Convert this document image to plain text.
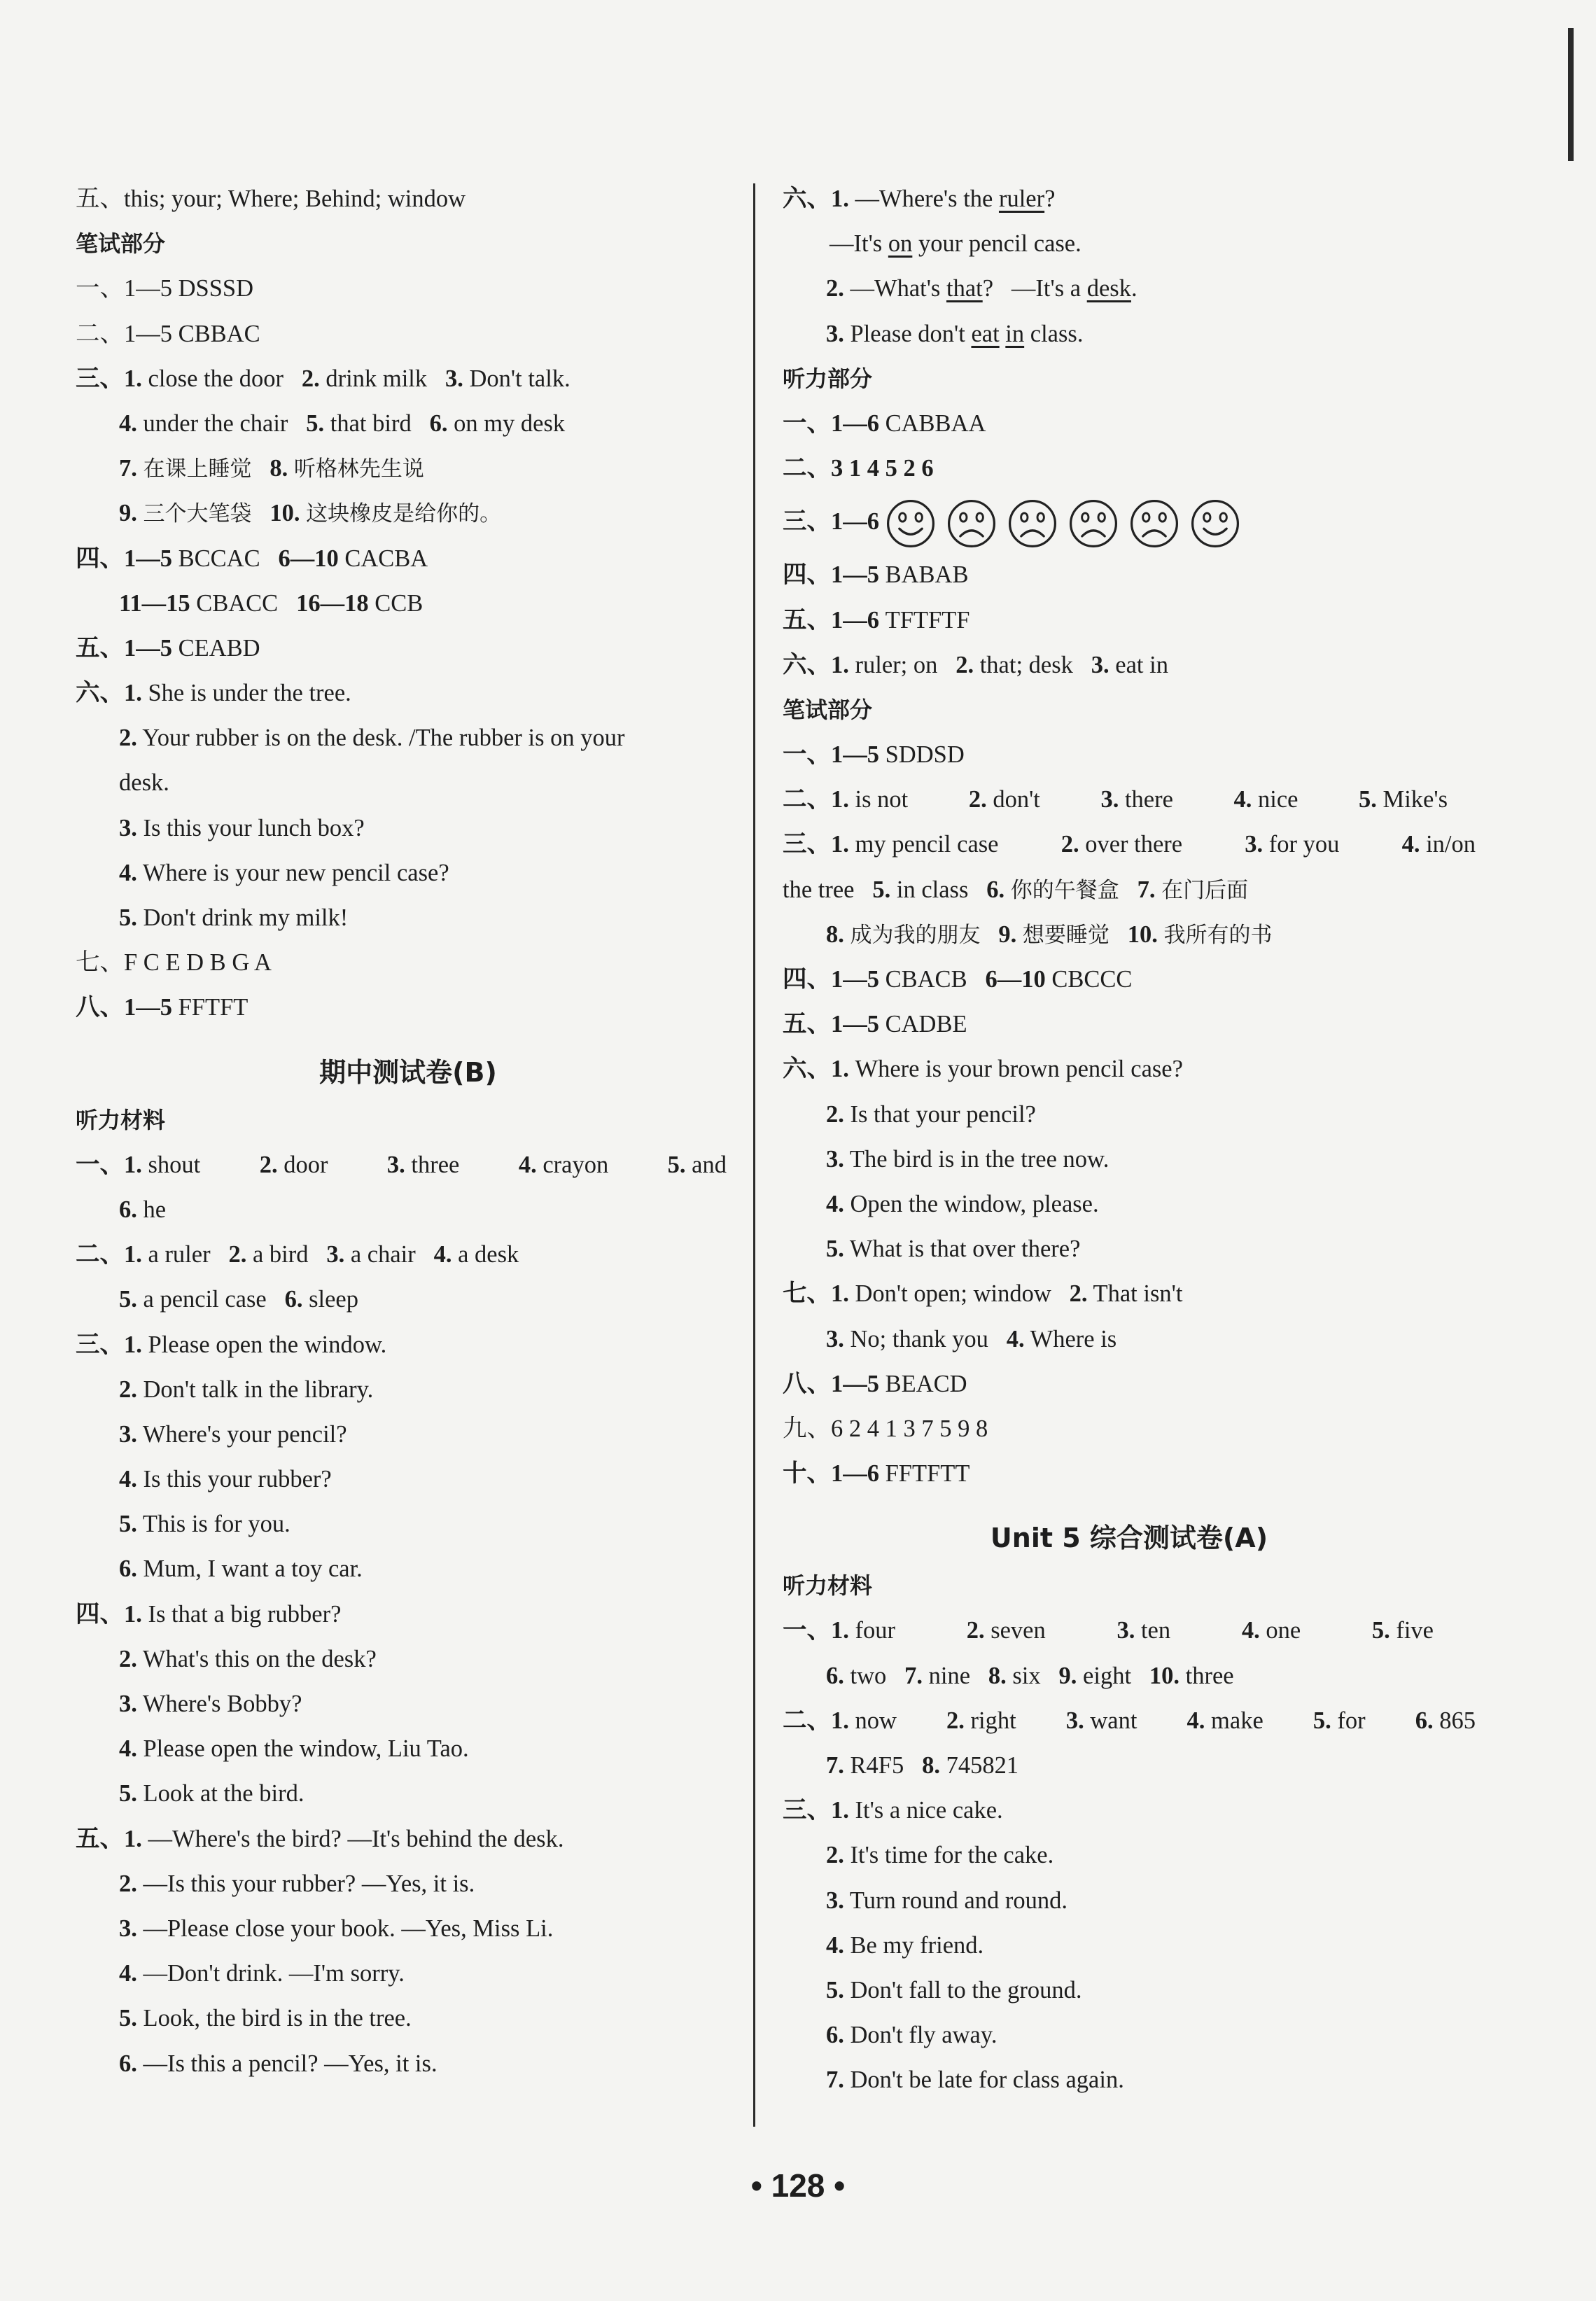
五、this; your; Where; Behind; window
笔试部分
一、1—5 DSSSD
二、1—5 CBBAC
三、1. close the door 2. drink milk 3. Don't talk.
4. under the chair 5. that bird 6. on my desk
7. 在课上睡觉 8. 听格林先生说
9. 三个大笔袋 10. 这块橡皮是给你的。
四、1—5 BCCAC 6—10 CACBA
11—15 CBACC 16—18 CCB
五、1—5 CEABD
六、1. She is under the tree.
2. Your rubber is on the desk. /The rubber is on your
desk.
3. Is this your lunch box?
4. Where is your new pencil case?
5. Don't drink my milk!
七、F C E D B G A
八、1—5 FFTFT
期中测试卷(B)
听力材料
一、1. shout 2. door 3. three 4. crayon 5. and
6. he
二、1. a ruler 2. a bird 3. a chair 4. a desk
5. a pencil case 6. sleep
三、1. Please open the window.
2. Don't talk in the library.
3. Where's your pencil?
4. Is this your rubber?
5. This is for you.
6. Mum, I want a toy car.
四、1. Is that a big rubber?
2. What's this on the desk?
3. Where's Bobby?
4. Please open the window, Liu Tao.
5. Look at the bird.
五、1. —Where's the bird? —It's behind the desk.
2. —Is this your rubber? —Yes, it is.
3. —Please close your book. —Yes, Miss Li.
4. —Don't drink. —I'm sorry.
5. Look, the bird is in the tree.
6. —Is this a pencil? —Yes, it is.
六、1. —Where's the ruler?
—It's on your pencil case.
2. —What's that? —It's a desk.
3. Please don't eat in class.
听力部分
一、1—6 CABBAA
二、3 1 4 5 2 6
三、1—6
四、1—5 BABAB
五、1—6 TFTFTF
六、1. ruler; on 2. that; desk 3. eat in
笔试部分
一、1—5 SDDSD
二、1. is not	2. don't	3. there	4. nice	5. Mike's
三、1. my pencil case	2. over there	3. for you	4. in/on
the tree 5. in class 6. 你的午餐盒 7. 在门后面
8. 成为我的朋友 9. 想要睡觉 10. 我所有的书
四、1—5 CBACB 6—10 CBCCC
五、1—5 CADBE
六、1. Where is your brown pencil case?
2. Is that your pencil?
3. The bird is in the tree now.
4. Open the window, please.
5. What is that over there?
七、1. Don't open; window 2. That isn't
3. No; thank you 4. Where is
八、1—5 BEACD
九、6 2 4 1 3 7 5 9 8
十、1—6 FFTFTT
Unit 5 综合测试卷(A)
听力材料
一、1. four	2. seven	3. ten	4. one	5. five
6. two 7. nine 8. six 9. eight 10. three
二、1. now 2. right 3. want 4. make 5. for 6. 865
7. R4F5 8. 745821
三、1. It's a nice cake.
2. It's time for the cake.
3. Turn round and round.
4. Be my friend.
5. Don't fall to the ground.
6. Don't fly away.
7. Don't be late for class again.
• 128 •
